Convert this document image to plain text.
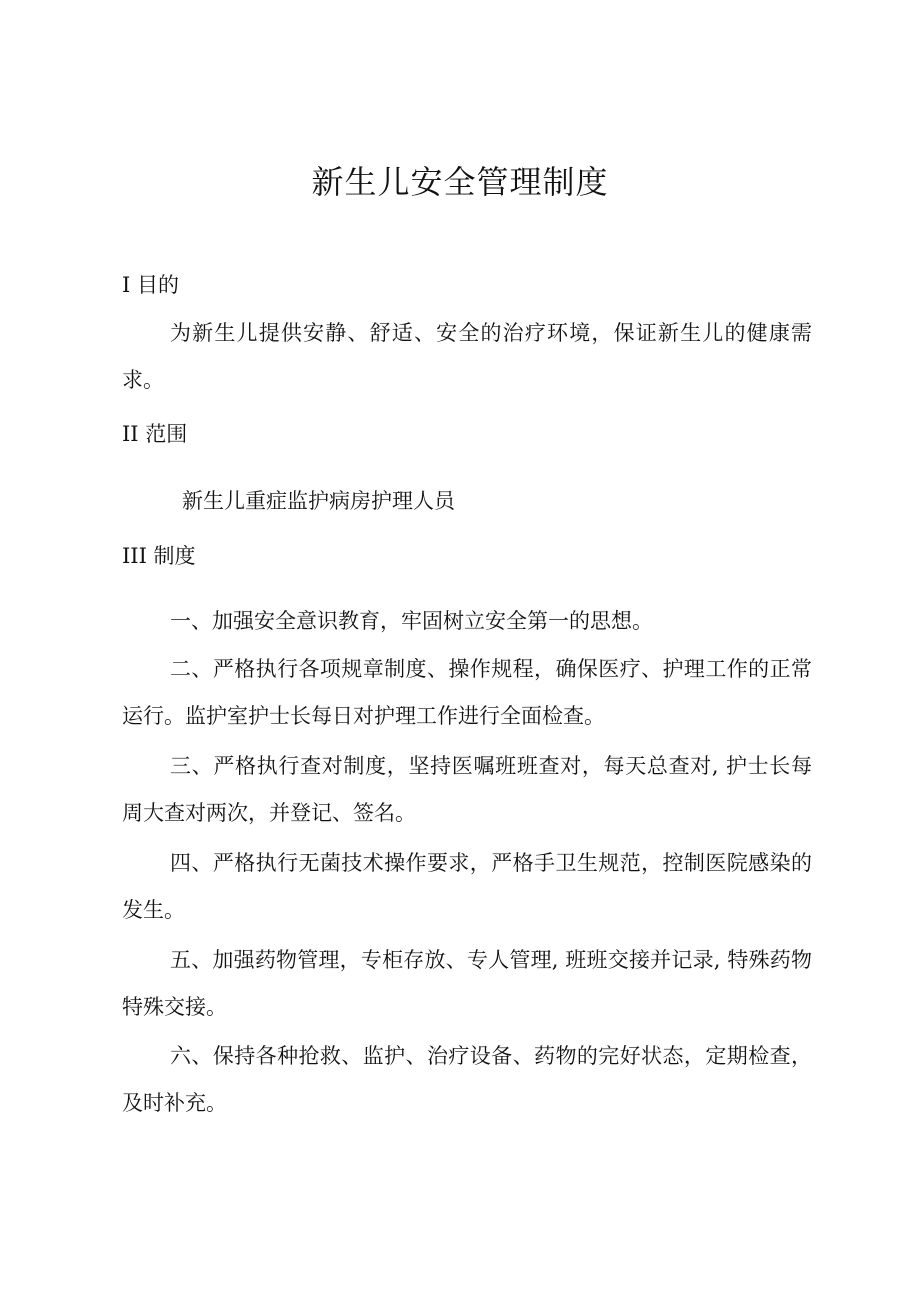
新生儿安全管理制度
I 目的

为新生儿提供安静、舒适、安全的治疗环境，保证新生儿的健康需求。

II 范围

新生儿重症监护病房护理人员

III 制度

一、加强安全意识教育，牢固树立安全第一的思想。

二、严格执行各项规章制度、操作规程，确保医疗、护理工作的正常运行。监护室护士长每日对护理工作进行全面检查。

三、严格执行查对制度，坚持医嘱班班查对，每天总查对, 护士长每周大查对两次，并登记、签名。

四、严格执行无菌技术操作要求，严格手卫生规范，控制医院感染的发生。

五、加强药物管理，专柜存放、专人管理, 班班交接并记录, 特殊药物特殊交接。

六、保持各种抢救、监护、治疗设备、药物的完好状态，定期检查，及时补充。
